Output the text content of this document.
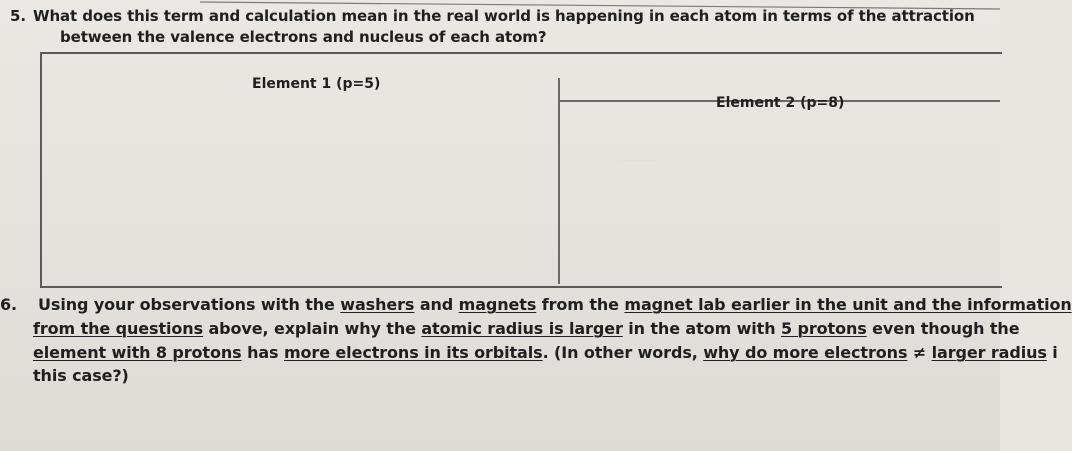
.........
5. What does this term and calculation mean in the real world is happening in each atom in terms of the attraction
between the valence electrons and nucleus of each atom?
Element 1 (p=5)
Element 2 (p=8)
6. Using your observations with the washers and magnets from the magnet lab earlier in the unit and the information
from the questions above, explain why the atomic radius is larger in the atom with 5 protons even though the
element with 8 protons has more electrons in its orbitals. (In other words, why do more electrons ≠ larger radius i
this case?)
